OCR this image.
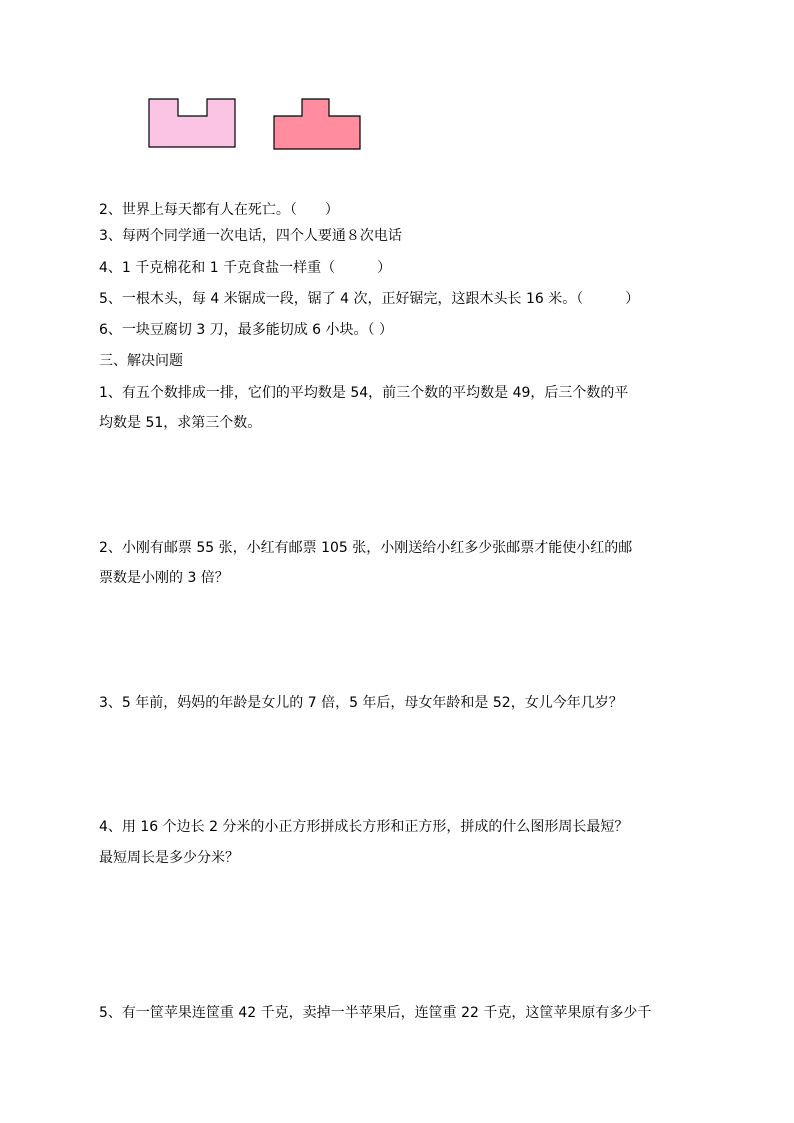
2、世界上每天都有人在死亡。（　　）
3、每两个同学通一次电话，四个人要通８次电话
4、1 千克棉花和 1 千克食盐一样重（　　　）
5、一根木头，每 4 米锯成一段，锯了 4 次，正好锯完，这跟木头长 16 米。（　　　）
6、一块豆腐切 3 刀，最多能切成 6 小块。（ ）
三、解决问题
1、有五个数排成一排，它们的平均数是 54，前三个数的平均数是 49，后三个数的平
均数是 51，求第三个数。
2、小刚有邮票 55 张，小红有邮票 105 张，小刚送给小红多少张邮票才能使小红的邮
票数是小刚的 3 倍？
3、5 年前，妈妈的年龄是女儿的 7 倍，5 年后，母女年龄和是 52，女儿今年几岁？
4、用 16 个边长 2 分米的小正方形拼成长方形和正方形，拼成的什么图形周长最短？
最短周长是多少分米？
5、有一筐苹果连筐重 42 千克，卖掉一半苹果后，连筐重 22 千克，这筐苹果原有多少千
